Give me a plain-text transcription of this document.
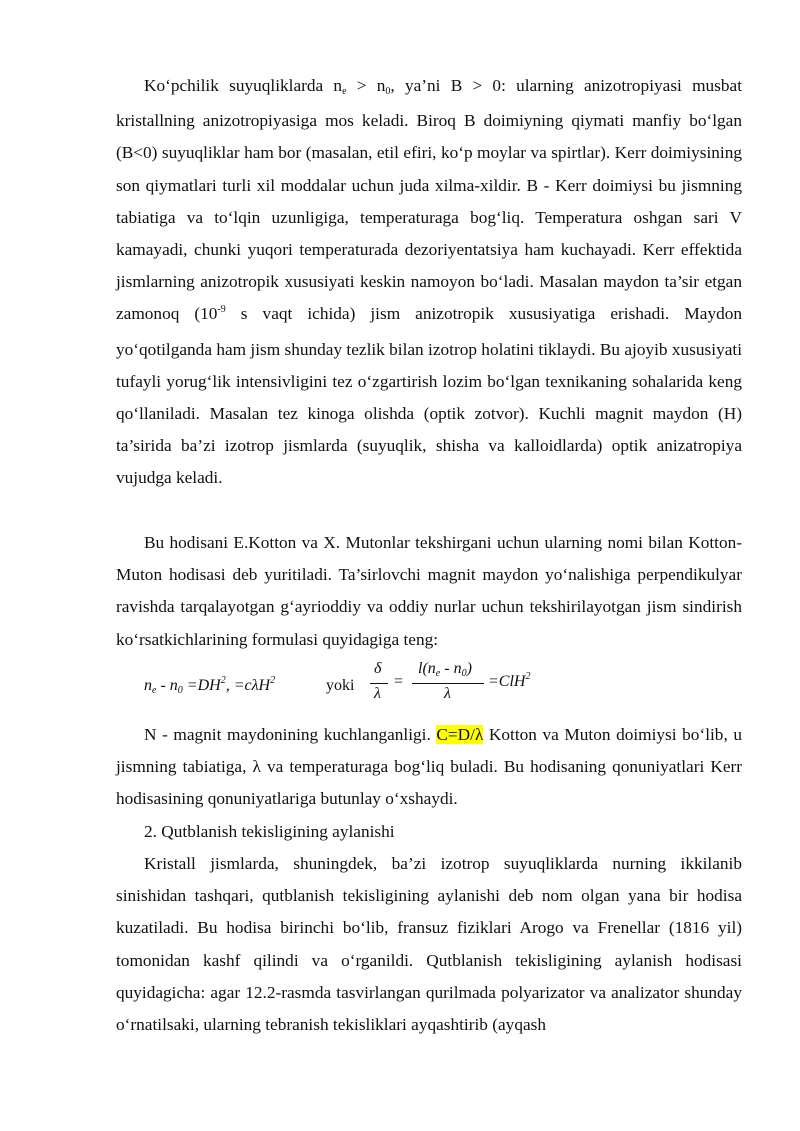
Ko‘pchilik suyuqliklarda ne > n0, ya’ni B > 0: ularning anizotropiyasi musbat kristallning anizotropiyasiga mos keladi. Biroq B doimiyning qiymati manfiy bo‘lgan (B<0) suyuqliklar ham bor (masalan, etil efiri, ko‘p moylar va spirtlar). Kerr doimiysining son qiymatlari turli xil moddalar uchun juda xilma-xildir. B - Kerr doimiysi bu jismning tabiatiga va to‘lqin uzunligiga, temperaturaga bog‘liq. Temperatura oshgan sari V kamayadi, chunki yuqori temperaturada dezoriyentatsiya ham kuchayadi. Kerr effektida jismlarning anizotropik xususiyati keskin namoyon bo‘ladi. Masalan maydon ta’sir etgan zamonoq ($10^{-9}$ s vaqt ichida) jism anizotropik xususiyatiga erishadi. Maydon yo‘qotilganda ham jism shunday tezlik bilan izotrop holatini tiklaydi. Bu ajoyib xususiyati tufayli yorug‘lik intensivligini tez o‘zgartirish lozim bo‘lgan texnikaning sohalarida keng qo‘llaniladi. Masalan tez kinoga olishda (optik zotvor). Kuchli magnit maydon (H) ta’sirida ba’zi izotrop jismlarda (suyuqlik, shisha va kalloidlarda) optik anizatropiya vujudga keladi.

Bu hodisani E.Kotton va X. Mutonlar tekshirgani uchun ularning nomi bilan Kotton-Muton hodisasi deb yuritiladi. Ta’sirlovchi magnit maydon yo‘nalishiga perpendikulyar ravishda tarqalayotgan g‘ayrioddiy va oddiy nurlar uchun tekshirilayotgan jism sindirish ko‘rsatkichlarining formulasi quyidagiga teng:

ne - $n0 =DH^2$, =cλH$^2$	yoki
δ
λ
=
l(ne - n0)
λ
=ClH$^2$

N - magnit maydonining kuchlanganligi. C=D/λ Kotton va Muton doimiysi bo‘lib, u jismning tabiatiga, λ va temperaturaga bog‘liq buladi. Bu hodisaning qonuniyatlari Kerr hodisasining qonuniyatlariga butunlay o‘xshaydi.

2. Qutblanish tekisligining aylanishi

Kristall jismlarda, shuningdek, ba’zi izotrop suyuqliklarda nurning ikkilanib sinishidan tashqari, qutblanish tekisligining aylanishi deb nom olgan yana bir hodisa kuzatiladi. Bu hodisa birinchi bo‘lib, fransuz fiziklari Arogo va Frenellar (1816 yil) tomonidan kashf qilindi va o‘rganildi. Qutblanish tekisligining aylanish hodisasi quyidagicha: agar 12.2-rasmda tasvirlangan qurilmada polyarizator va analizator shunday o‘rnatilsaki, ularning tebranish tekisliklari ayqashtirib (ayqash
